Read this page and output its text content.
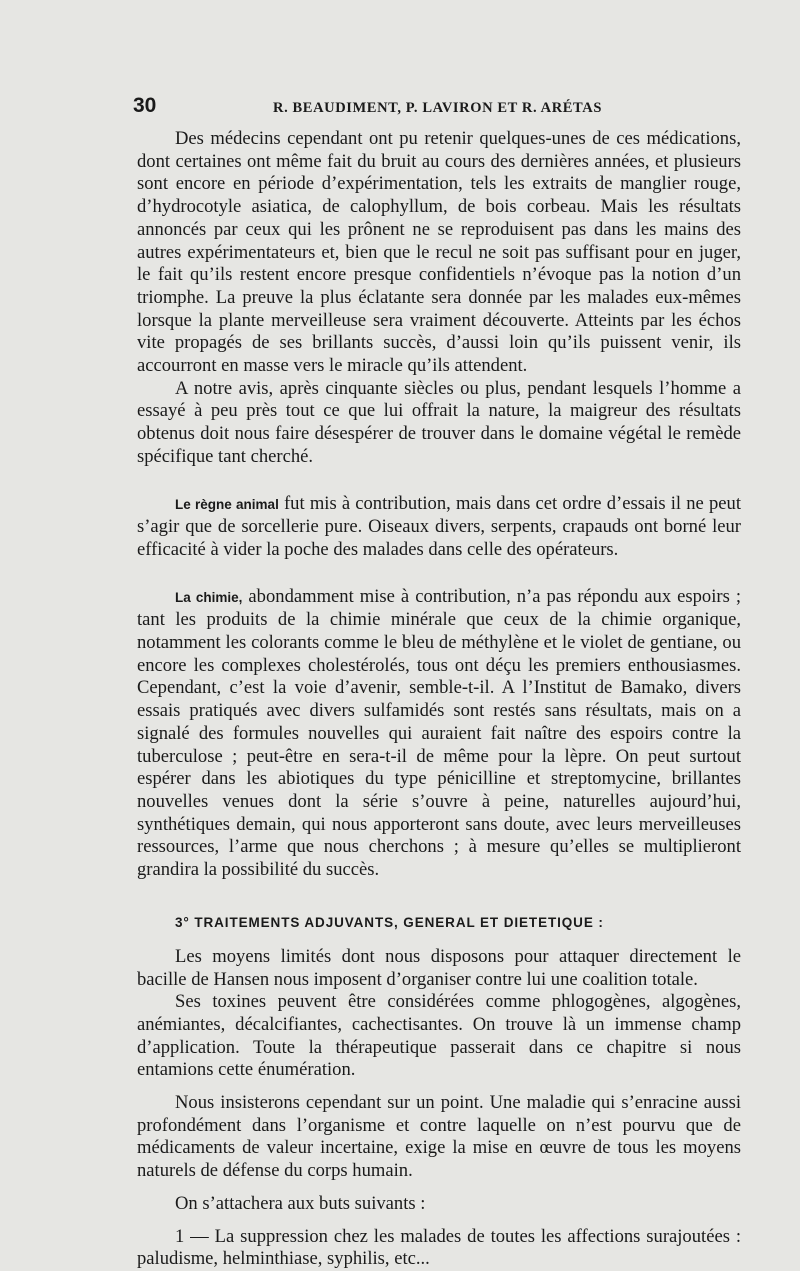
30	R. BEAUDIMENT, P. LAVIRON ET R. ARÉTAS

Des médecins cependant ont pu retenir quelques-unes de ces médications, dont certaines ont même fait du bruit au cours des dernières années, et plusieurs sont encore en période d’expérimentation, tels les extraits de manglier rouge, d’hydrocotyle asiatica, de calophyllum, de bois corbeau. Mais les résultats annoncés par ceux qui les prônent ne se reproduisent pas dans les mains des autres expérimentateurs et, bien que le recul ne soit pas suffisant pour en juger, le fait qu’ils restent encore presque confidentiels n’évoque pas la notion d’un triomphe. La preuve la plus éclatante sera donnée par les malades eux-mêmes lorsque la plante merveilleuse sera vraiment découverte. Atteints par les échos vite propagés de ses brillants succès, d’aussi loin qu’ils puissent venir, ils accourront en masse vers le miracle qu’ils attendent.

A notre avis, après cinquante siècles ou plus, pendant lesquels l’homme a essayé à peu près tout ce que lui offrait la nature, la maigreur des résultats obtenus doit nous faire désespérer de trouver dans le domaine végétal le remède spécifique tant cherché.

Le règne animal fut mis à contribution, mais dans cet ordre d’essais il ne peut s’agir que de sorcellerie pure. Oiseaux divers, serpents, crapauds ont borné leur efficacité à vider la poche des malades dans celle des opérateurs.

La chimie, abondamment mise à contribution, n’a pas répondu aux espoirs ; tant les produits de la chimie minérale que ceux de la chimie organique, notamment les colorants comme le bleu de méthylène et le violet de gentiane, ou encore les complexes cholestérolés, tous ont déçu les premiers enthousiasmes. Cependant, c’est la voie d’avenir, semble-t-il. A l’Institut de Bamako, divers essais pratiqués avec divers sulfamidés sont restés sans résultats, mais on a signalé des formules nouvelles qui auraient fait naître des espoirs contre la tuberculose ; peut-être en sera-t-il de même pour la lèpre. On peut surtout espérer dans les abiotiques du type pénicilline et streptomycine, brillantes nouvelles venues dont la série s’ouvre à peine, naturelles aujourd’hui, synthétiques demain, qui nous apporteront sans doute, avec leurs merveilleuses ressources, l’arme que nous cherchons ; à mesure qu’elles se multiplieront grandira la possibilité du succès.

3° TRAITEMENTS ADJUVANTS, GENERAL ET DIETETIQUE :

Les moyens limités dont nous disposons pour attaquer directement le bacille de Hansen nous imposent d’organiser contre lui une coalition totale.

Ses toxines peuvent être considérées comme phlogogènes, algogènes, anémiantes, décalcifiantes, cachectisantes. On trouve là un immense champ d’application. Toute la thérapeutique passerait dans ce chapitre si nous entamions cette énumération.

Nous insisterons cependant sur un point. Une maladie qui s’enracine aussi profondément dans l’organisme et contre laquelle on n’est pourvu que de médicaments de valeur incertaine, exige la mise en œuvre de tous les moyens naturels de défense du corps humain.

On s’attachera aux buts suivants :

1 — La suppression chez les malades de toutes les affections surajoutées : paludisme, helminthiase, syphilis, etc...
